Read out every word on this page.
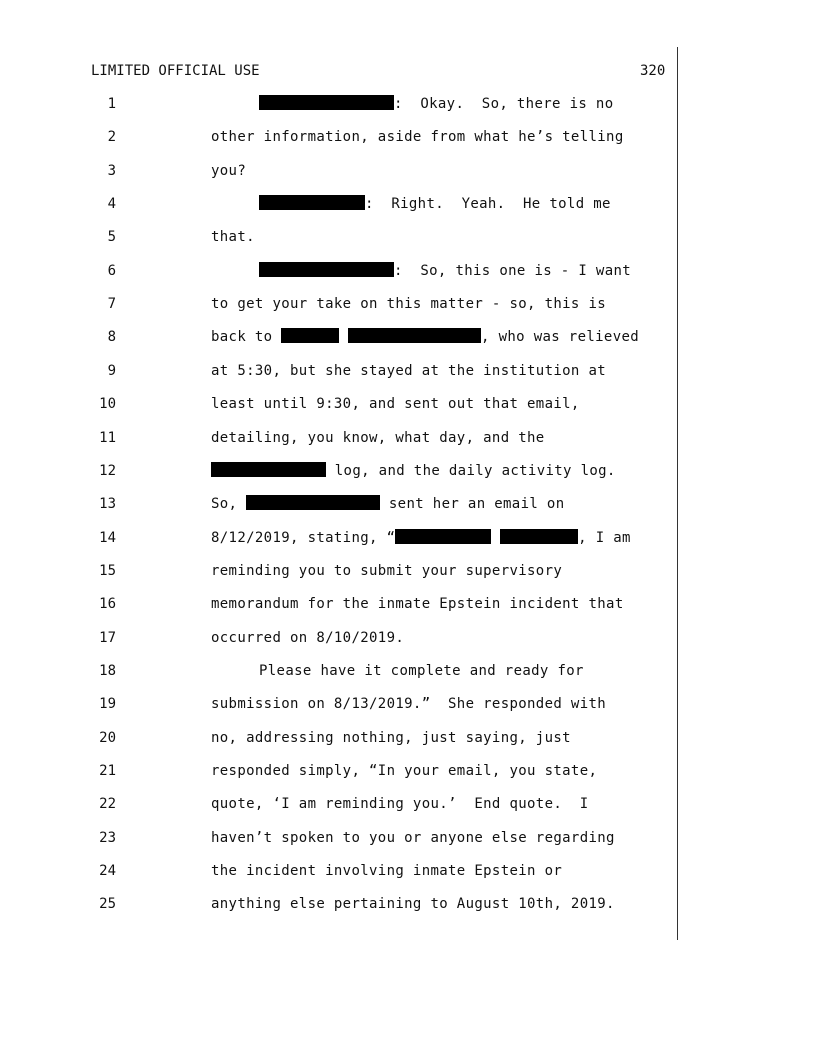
LIMITED OFFICIAL USE	320
1	:  Okay.  So, there is no
2	other information, aside from what he’s telling
3	you?
4	:  Right.  Yeah.  He told me
5	that.
6	:  So, this one is - I want
7	to get your take on this matter - so, this is
8	back to	, who was relieved
9	at 5:30, but she stayed at the institution at
10	least until 9:30, and sent out that email,
11	detailing, you know, what day, and the
12	log, and the daily activity log.
13	So,	sent her an email on
14	8/12/2019, stating, “	, I am
15	reminding you to submit your supervisory
16	memorandum for the inmate Epstein incident that
17	occurred on 8/10/2019.
18	Please have it complete and ready for
19	submission on 8/13/2019.”  She responded with
20	no, addressing nothing, just saying, just
21	responded simply, “In your email, you state,
22	quote, ‘I am reminding you.’  End quote.  I
23	haven’t spoken to you or anyone else regarding
24	the incident involving inmate Epstein or
25	anything else pertaining to August 10th, 2019.
